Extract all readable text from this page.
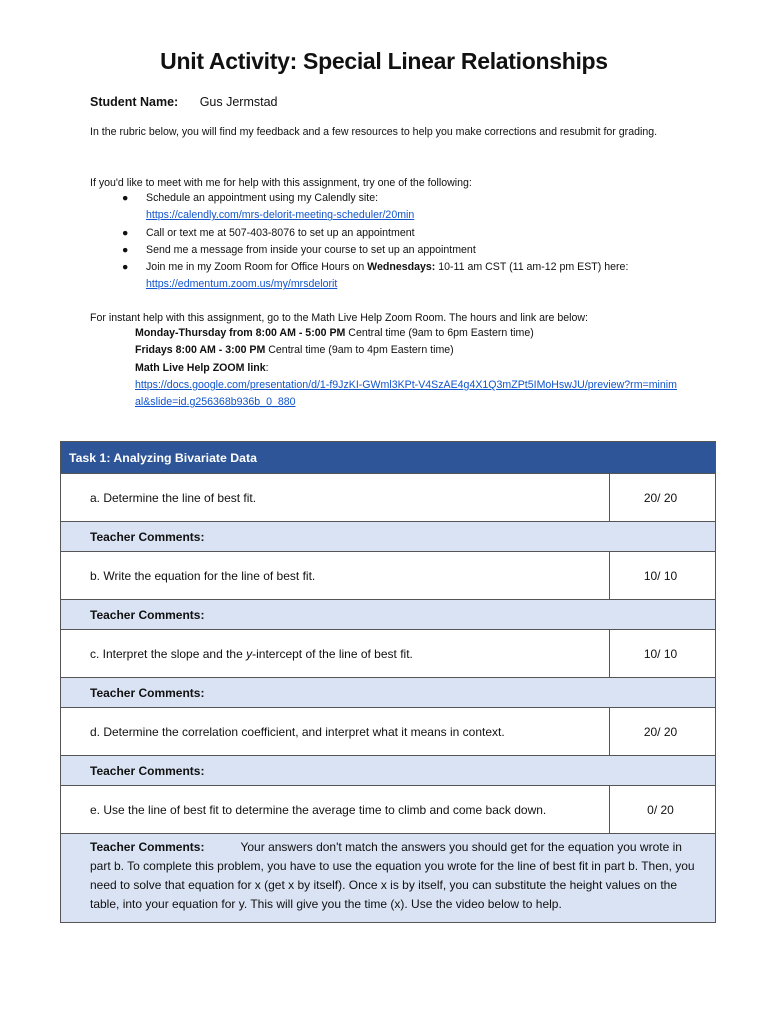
Unit Activity: Special Linear Relationships
Student Name: Gus Jermstad
In the rubric below, you will find my feedback and a few resources to help you make corrections and resubmit for grading.
If you'd like to meet with me for help with this assignment, try one of the following:
● Schedule an appointment using my Calendly site:
https://calendly.com/mrs-delorit-meeting-scheduler/20min
● Call or text me at 507-403-8076 to set up an appointment
● Send me a message from inside your course to set up an appointment
● Join me in my Zoom Room for Office Hours on Wednesdays: 10-11 am CST (11 am-12 pm EST) here:
https://edmentum.zoom.us/my/mrsdelorit
For instant help with this assignment, go to the Math Live Help Zoom Room. The hours and link are below:
Monday-Thursday from 8:00 AM - 5:00 PM Central time (9am to 6pm Eastern time)
Fridays 8:00 AM - 3:00 PM Central time (9am to 4pm Eastern time)
Math Live Help ZOOM link:
https://docs.google.com/presentation/d/1-f9JzKI-GWml3KPt-V4SzAE4g4X1Q3mZPt5IMoHswJU/preview?rm=minimal&slide=id.g256368b936b_0_880
Task 1: Analyzing Bivariate Data	
a. Determine the line of best fit.	20/ 20
Teacher Comments:	
b. Write the equation for the line of best fit.	10/ 10
Teacher Comments:	
c. Interpret the slope and the y-intercept of the line of best fit.	10/ 10
Teacher Comments:	
d. Determine the correlation coefficient, and interpret what it means in context.	20/ 20
Teacher Comments:	
e. Use the line of best fit to determine the average time to climb and come back down.	0/ 20
Teacher Comments: Your answers don't match the answers you should get for the equation you wrote in part b. To complete this problem, you have to use the equation you wrote for the line of best fit in part b. Then, you need to solve that equation for x (get x by itself). Once x is by itself, you can substitute the height values on the table, into your equation for y. This will give you the time (x). Use the video below to help.	
